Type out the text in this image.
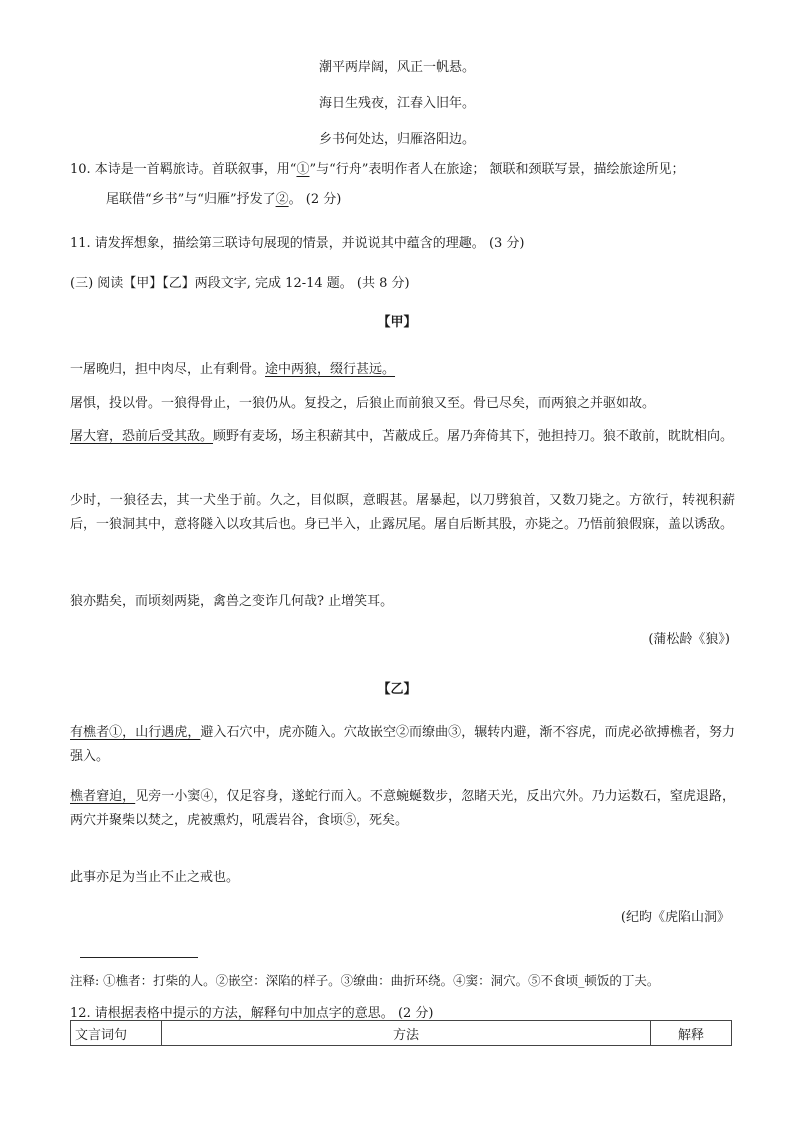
潮平两岸阔，风正一帆悬。
海日生残夜，江春入旧年。
乡书何处达，归雁洛阳边。
10. 本诗是一首羁旅诗。首联叙事，用“①”与“行舟”表明作者人在旅途； 颔联和颈联写景，描绘旅途所见；
尾联借“乡书”与“归雁”抒发了②。 (2 分)
11. 请发挥想象，描绘第三联诗句展现的情景，并说说其中蕴含的理趣。 (3 分)
(三) 阅读【甲】【乙】两段文字, 完成 12-14 题。 (共 8 分)
【甲】
一屠晚归，担中肉尽，止有剩骨。途中两狼，缀行甚远。
屠惧，投以骨。一狼得骨止，一狼仍从。复投之，后狼止而前狼又至。骨已尽矣，而两狼之并驱如故。
屠大窘，恐前后受其敌。顾野有麦场，场主积薪其中，苫蔽成丘。屠乃奔倚其下，弛担持刀。狼不敢前，眈眈相向。
少时，一狼径去，其一犬坐于前。久之，目似瞑，意暇甚。屠暴起，以刀劈狼首，又数刀毙之。方欲行，转视积薪后，一狼洞其中，意将隧入以攻其后也。身已半入，止露尻尾。屠自后断其股，亦毙之。乃悟前狼假寐，盖以诱敌。
狼亦黠矣，而顷刻两毙，禽兽之变诈几何哉? 止增笑耳。
(蒲松龄《狼》)
【乙】
有樵者①，山行遇虎，避入石穴中，虎亦随入。穴故嵌空②而缭曲③，辗转内避，渐不容虎，而虎必欲搏樵者，努力强入。
樵者窘迫，见旁一小窦④，仅足容身，遂蛇行而入。不意蜿蜒数步，忽睹天光，反出穴外。乃力运数石，窒虎退路，两穴并聚柴以焚之，虎被熏灼，吼震岩谷，食顷⑤，死矣。
此事亦足为当止不止之戒也。
(纪昀《虎陷山洞》
注释: ①樵者：打柴的人。②嵌空：深陷的样子。③缭曲：曲折环绕。④窦：洞穴。⑤不食顷_顿饭的丁夫。
12. 请根据表格中提示的方法，解释句中加点字的意思。 (2 分)
文言词句	方法	解释
